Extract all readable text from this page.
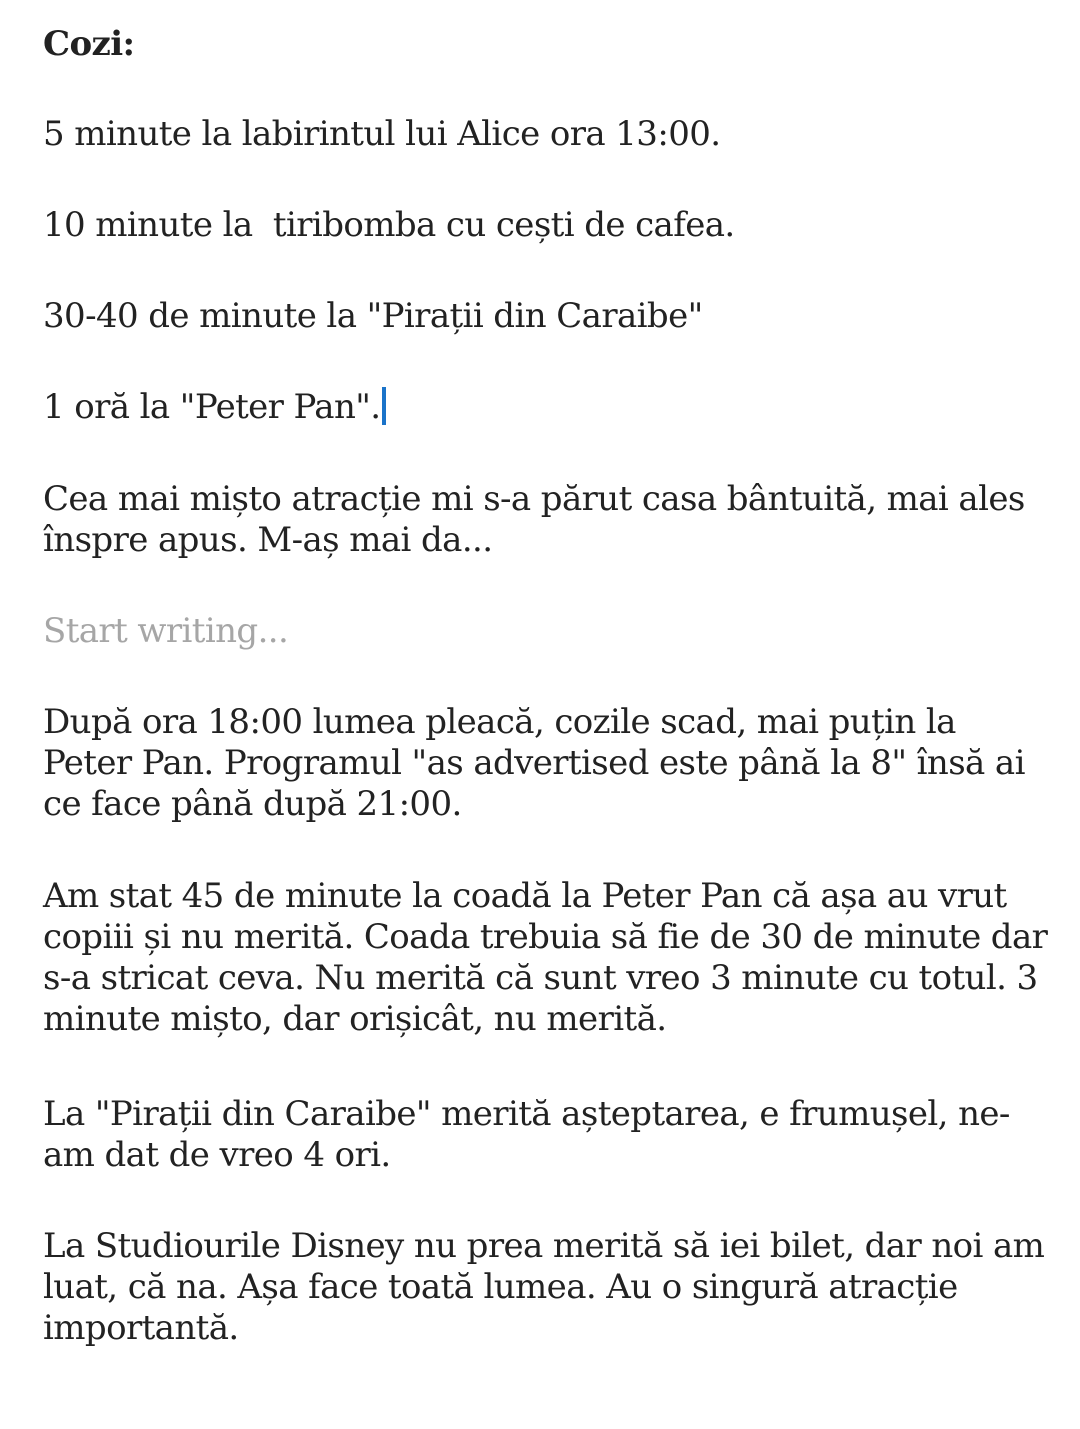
Cozi:

5 minute la labirintul lui Alice ora 13:00.

10 minute la  tiribomba cu cești de cafea.

30-40 de minute la "Pirații din Caraibe"

1 oră la "Peter Pan".

Cea mai mișto atracție mi s-a părut casa bântuită, mai ales înspre apus. M-aș mai da...

Start writing...

După ora 18:00 lumea pleacă, cozile scad, mai puțin la Peter Pan. Programul "as advertised este până la 8" însă ai ce face până după 21:00.

Am stat 45 de minute la coadă la Peter Pan că așa au vrut copiii și nu merită. Coada trebuia să fie de 30 de minute dar s-a stricat ceva. Nu merită că sunt vreo 3 minute cu totul. 3 minute mișto, dar orișicât, nu merită.

La "Pirații din Caraibe" merită așteptarea, e frumușel, ne-am dat de vreo 4 ori.

La Studiourile Disney nu prea merită să iei bilet, dar noi am luat, că na. Așa face toată lumea. Au o singură atracție importantă.
